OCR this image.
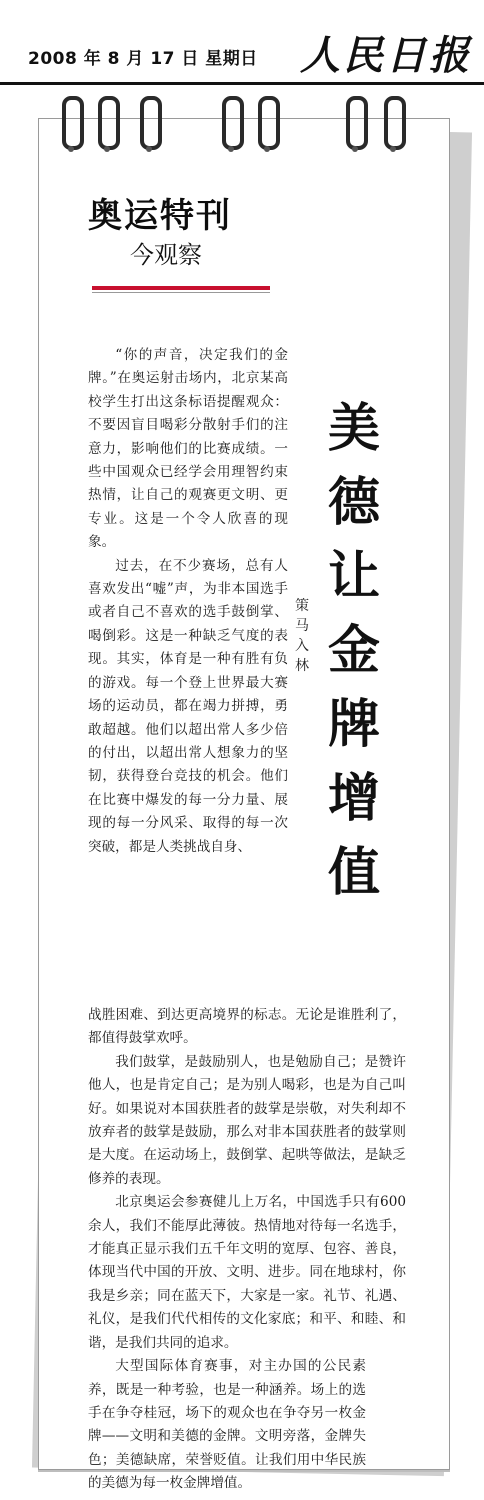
2008 年 8 月 17 日 星期日 人民日报
奥运特刊
今观察
美
德
让
金
牌
增
值
策
马
入
林

“你的声音，决定我们的金牌。”在奥运射击场内，北京某高校学生打出这条标语提醒观众：不要因盲目喝彩分散射手们的注意力，影响他们的比赛成绩。一些中国观众已经学会用理智约束热情，让自己的观赛更文明、更专业。这是一个令人欣喜的现象。

过去，在不少赛场，总有人喜欢发出“嘘”声，为非本国选手或者自己不喜欢的选手鼓倒掌、喝倒彩。这是一种缺乏气度的表现。其实，体育是一种有胜有负的游戏。每一个登上世界最大赛场的运动员，都在竭力拼搏，勇敢超越。他们以超出常人多少倍的付出，以超出常人想象力的坚韧，获得登台竞技的机会。他们在比赛中爆发的每一分力量、展现的每一分风采、取得的每一次突破，都是人类挑战自身、

战胜困难、到达更高境界的标志。无论是谁胜利了，都值得鼓掌欢呼。

我们鼓掌，是鼓励别人，也是勉励自己；是赞许他人，也是肯定自己；是为别人喝彩，也是为自己叫好。如果说对本国获胜者的鼓掌是崇敬，对失利却不放弃者的鼓掌是鼓励，那么对非本国获胜者的鼓掌则是大度。在运动场上，鼓倒掌、起哄等做法，是缺乏修养的表现。

北京奥运会参赛健儿上万名，中国选手只有600余人，我们不能厚此薄彼。热情地对待每一名选手，才能真正显示我们五千年文明的宽厚、包容、善良，体现当代中国的开放、文明、进步。同在地球村，你我是乡亲；同在蓝天下，大家是一家。礼节、礼遇、礼仪，是我们代代相传的文化家底；和平、和睦、和谐，是我们共同的追求。

大型国际体育赛事，对主办国的公民素养，既是一种考验，也是一种涵养。场上的选手在争夺桂冠，场下的观众也在争夺另一枚金牌——文明和美德的金牌。文明旁落，金牌失色；美德缺席，荣誉贬值。让我们用中华民族的美德为每一枚金牌增值。
